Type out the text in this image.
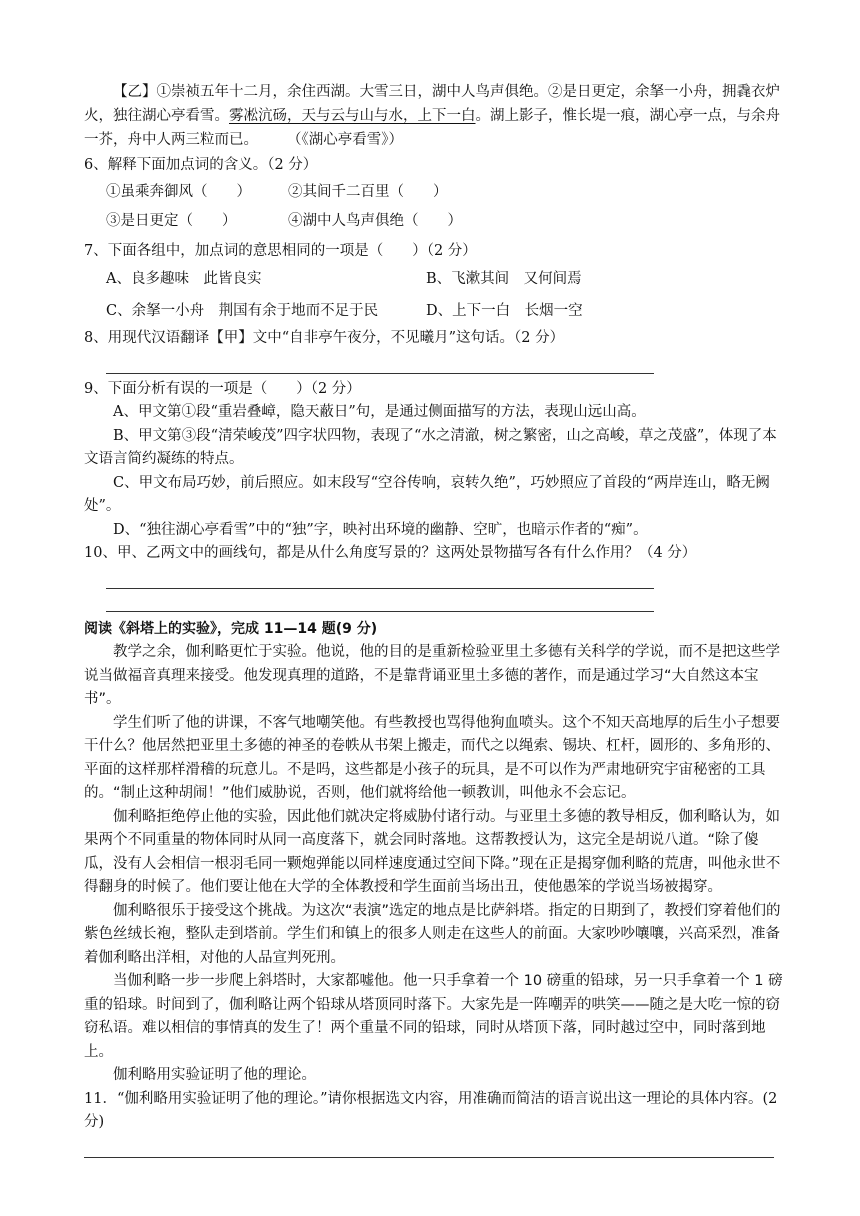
【乙】①崇祯五年十二月，余住西湖。大雪三日，湖中人鸟声俱绝。②是日更定，余拏一小舟，拥毳衣炉火，独往湖心亭看雪。雾凇沆砀，天与云与山与水，上下一白。湖上影子，惟长堤一痕，湖心亭一点，与余舟一芥，舟中人两三粒而已。   （《湖心亭看雪》）

6、解释下面加点词的含义。（2 分）

①虽乘奔御风（　　）	②其间千二百里（　　）
③是日更定（　　）	④湖中人鸟声俱绝（　　）

7、下面各组中，加点词的意思相同的一项是（　　）（2 分）

A、良多趣味　此皆良实	B、飞漱其间　又何间焉
C、余拏一小舟　荆国有余于地而不足于民	D、上下一白　长烟一空

8、用现代汉语翻译【甲】文中“自非亭午夜分，不见曦月”这句话。（2 分）

9、下面分析有误的一项是（　　）（2 分）

A、甲文第①段“重岩叠嶂，隐天蔽日”句，是通过侧面描写的方法，表现山远山高。

B、甲文第③段“清荣峻茂”四字状四物，表现了“水之清澈，树之繁密，山之高峻，草之茂盛”，体现了本文语言简约凝练的特点。

C、甲文布局巧妙，前后照应。如末段写“空谷传响，哀转久绝”，巧妙照应了首段的“两岸连山，略无阙处”。

D、“独往湖心亭看雪”中的“独”字，映衬出环境的幽静、空旷，也暗示作者的“痴”。

10、甲、乙两文中的画线句，都是从什么角度写景的？这两处景物描写各有什么作用？（4 分）

阅读《斜塔上的实验》，完成 11—14 题(9 分)

教学之余，伽利略更忙于实验。他说，他的目的是重新检验亚里土多德有关科学的学说，而不是把这些学说当做福音真理来接受。他发现真理的道路，不是靠背诵亚里土多德的著作，而是通过学习“大自然这本宝书”。

学生们听了他的讲课，不客气地嘲笑他。有些教授也骂得他狗血喷头。这个不知天高地厚的后生小子想要干什么？他居然把亚里土多德的神圣的卷帙从书架上搬走，而代之以绳索、锡块、杠杆，圆形的、多角形的、平面的这样那样滑稽的玩意儿。不是吗，这些都是小孩子的玩具，是不可以作为严肃地研究宇宙秘密的工具的。“制止这种胡闹！”他们威胁说，否则，他们就将给他一顿教训，叫他永不会忘记。

伽利略拒绝停止他的实验，因此他们就决定将威胁付诸行动。与亚里土多德的教导相反，伽利略认为，如果两个不同重量的物体同时从同一高度落下，就会同时落地。这帮教授认为，这完全是胡说八道。“除了傻瓜，没有人会相信一根羽毛同一颗炮弹能以同样速度通过空间下降。”现在正是揭穿伽利略的荒唐，叫他永世不得翻身的时候了。他们要让他在大学的全体教授和学生面前当场出丑，使他愚笨的学说当场被揭穿。

伽利略很乐于接受这个挑战。为这次“表演”选定的地点是比萨斜塔。指定的日期到了，教授们穿着他们的紫色丝绒长袍，整队走到塔前。学生们和镇上的很多人则走在这些人的前面。大家吵吵嚷嚷，兴高采烈，准备着伽利略出洋相，对他的人品宣判死刑。

当伽利略一步一步爬上斜塔时，大家都嘘他。他一只手拿着一个 10 磅重的铅球，另一只手拿着一个 1 磅重的铅球。时间到了，伽利略让两个铅球从塔顶同时落下。大家先是一阵嘲弄的哄笑——随之是大吃一惊的窃窃私语。难以相信的事情真的发生了！两个重量不同的铅球，同时从塔顶下落，同时越过空中，同时落到地上。

伽利略用实验证明了他的理论。

11．“伽利略用实验证明了他的理论。”请你根据选文内容，用准确而简洁的语言说出这一理论的具体内容。(2 分)
